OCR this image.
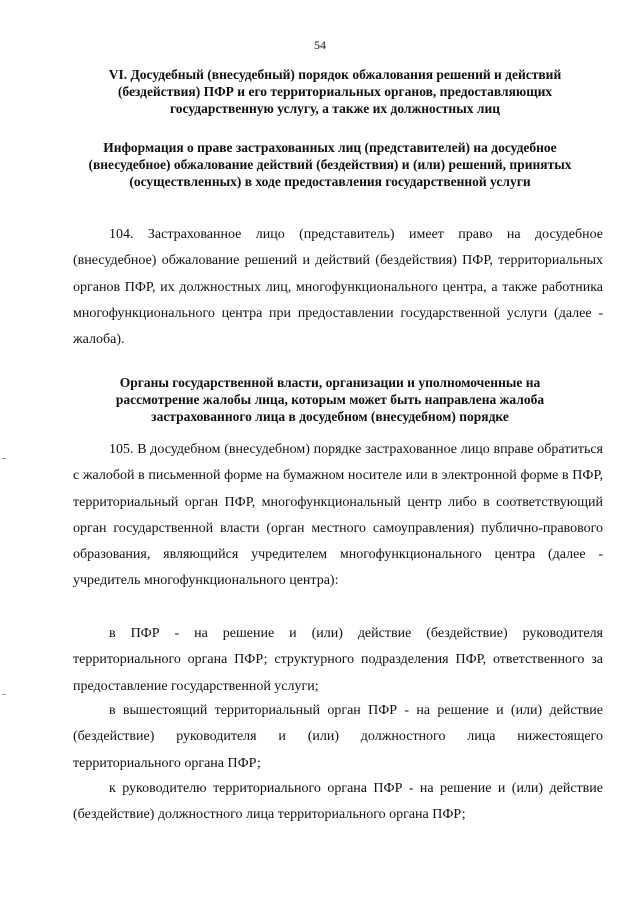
54
VI. Досудебный (внесудебный) порядок обжалования решений и действий (бездействия) ПФР и его территориальных органов, предоставляющих государственную услугу, а также их должностных лиц
Информация о праве застрахованных лиц (представителей) на досудебное (внесудебное) обжалование действий (бездействия) и (или) решений, принятых (осуществленных) в ходе предоставления государственной услуги
104. Застрахованное лицо (представитель) имеет право на досудебное (внесудебное) обжалование решений и действий (бездействия) ПФР, территориальных органов ПФР, их должностных лиц, многофункционального центра, а также работника многофункционального центра при предоставлении государственной услуги (далее - жалоба).
Органы государственной власти, организации и уполномоченные на рассмотрение жалобы лица, которым может быть направлена жалоба застрахованного лица в досудебном (внесудебном) порядке
105. В досудебном (внесудебном) порядке застрахованное лицо вправе обратиться с жалобой в письменной форме на бумажном носителе или в электронной форме в ПФР, территориальный орган ПФР, многофункциональный центр либо в соответствующий орган государственной власти (орган местного самоуправления) публично-правового образования, являющийся учредителем многофункционального центра (далее - учредитель многофункционального центра):
в ПФР - на решение и (или) действие (бездействие) руководителя территориального органа ПФР; структурного подразделения ПФР, ответственного за предоставление государственной услуги;
в вышестоящий территориальный орган ПФР - на решение и (или) действие (бездействие) руководителя и (или) должностного лица нижестоящего территориального органа ПФР;
к руководителю территориального органа ПФР - на решение и (или) действие (бездействие) должностного лица территориального органа ПФР;
